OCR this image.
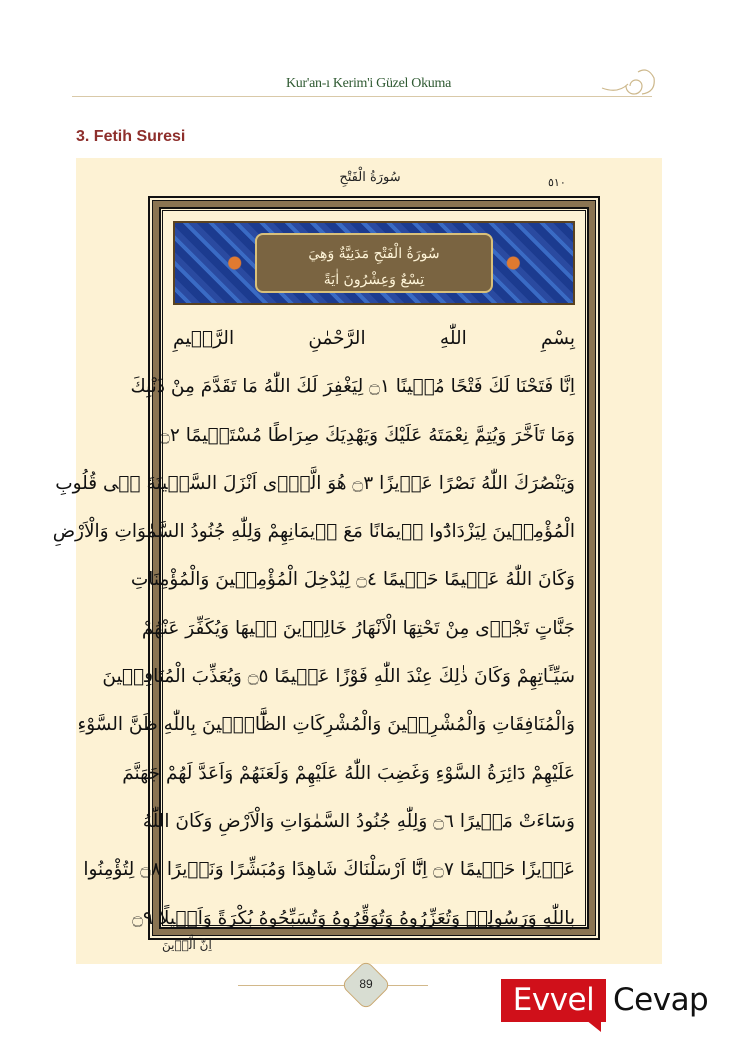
Kur'an-ı Kerim'i Güzel Okuma
3. Fetih Suresi
سُورَةُ الْفَتْحِ	٥١٠
سُورَةُ الْفَتْحِ مَدَنِيَّةٌ وَهِيَ
تِسْعٌ وَعِشْرُونَ اٰيَةً
بِسْمِ اللّٰهِ الرَّحْمٰنِ الرَّحٖيمِ
اِنَّا فَتَحْنَا لَكَ فَتْحًا مُبٖينًا ۝١ لِيَغْفِرَ لَكَ اللّٰهُ مَا تَقَدَّمَ مِنْ ذَنْبِكَ
وَمَا تَاَخَّرَ وَيُتِمَّ نِعْمَتَهُ عَلَيْكَ وَيَهْدِيَكَ صِرَاطًا مُسْتَقٖيمًا ۝٢
وَيَنْصُرَكَ اللّٰهُ نَصْرًا عَزٖيزًا ۝٣ هُوَ الَّذٖٓى اَنْزَلَ السَّكٖينَةَ فٖى قُلُوبِ
الْمُؤْمِنٖينَ لِيَزْدَادُٓوا اٖيمَانًا مَعَ اٖيمَانِهِمْ وَلِلّٰهِ جُنُودُ السَّمٰوَاتِ وَالْاَرْضِ
وَكَانَ اللّٰهُ عَلٖيمًا حَكٖيمًا ۝٤ لِيُدْخِلَ الْمُؤْمِنٖينَ وَالْمُؤْمِنَاتِ
جَنَّاتٍ تَجْرٖى مِنْ تَحْتِهَا الْاَنْهَارُ خَالِدٖينَ فٖيهَا وَيُكَفِّرَ عَنْهُمْ
سَيِّـَٔاتِهِمْ وَكَانَ ذٰلِكَ عِنْدَ اللّٰهِ فَوْزًا عَظٖيمًا ۝٥ وَيُعَذِّبَ الْمُنَافِقٖينَ
وَالْمُنَافِقَاتِ وَالْمُشْرِكٖينَ وَالْمُشْرِكَاتِ الظَّٓانّٖينَ بِاللّٰهِ ظَنَّ السَّوْءِ
عَلَيْهِمْ دَٓائِرَةُ السَّوْءِ وَغَضِبَ اللّٰهُ عَلَيْهِمْ وَلَعَنَهُمْ وَاَعَدَّ لَهُمْ جَهَنَّمَ
وَسَٓاءَتْ مَصٖيرًا ۝٦ وَلِلّٰهِ جُنُودُ السَّمٰوَاتِ وَالْاَرْضِ وَكَانَ اللّٰهُ
عَزٖيزًا حَكٖيمًا ۝٧ اِنَّٓا اَرْسَلْنَاكَ شَاهِدًا وَمُبَشِّرًا وَنَذٖيرًا ۝٨ لِتُؤْمِنُوا
بِاللّٰهِ وَرَسُولِهٖ وَتُعَزِّرُوهُ وَتُوَقِّرُوهُ وَتُسَبِّحُوهُ بُكْرَةً وَاَصٖيلًا ۝٩
اِنَّ الَّذٖينَ
89	Evvel Cevap
